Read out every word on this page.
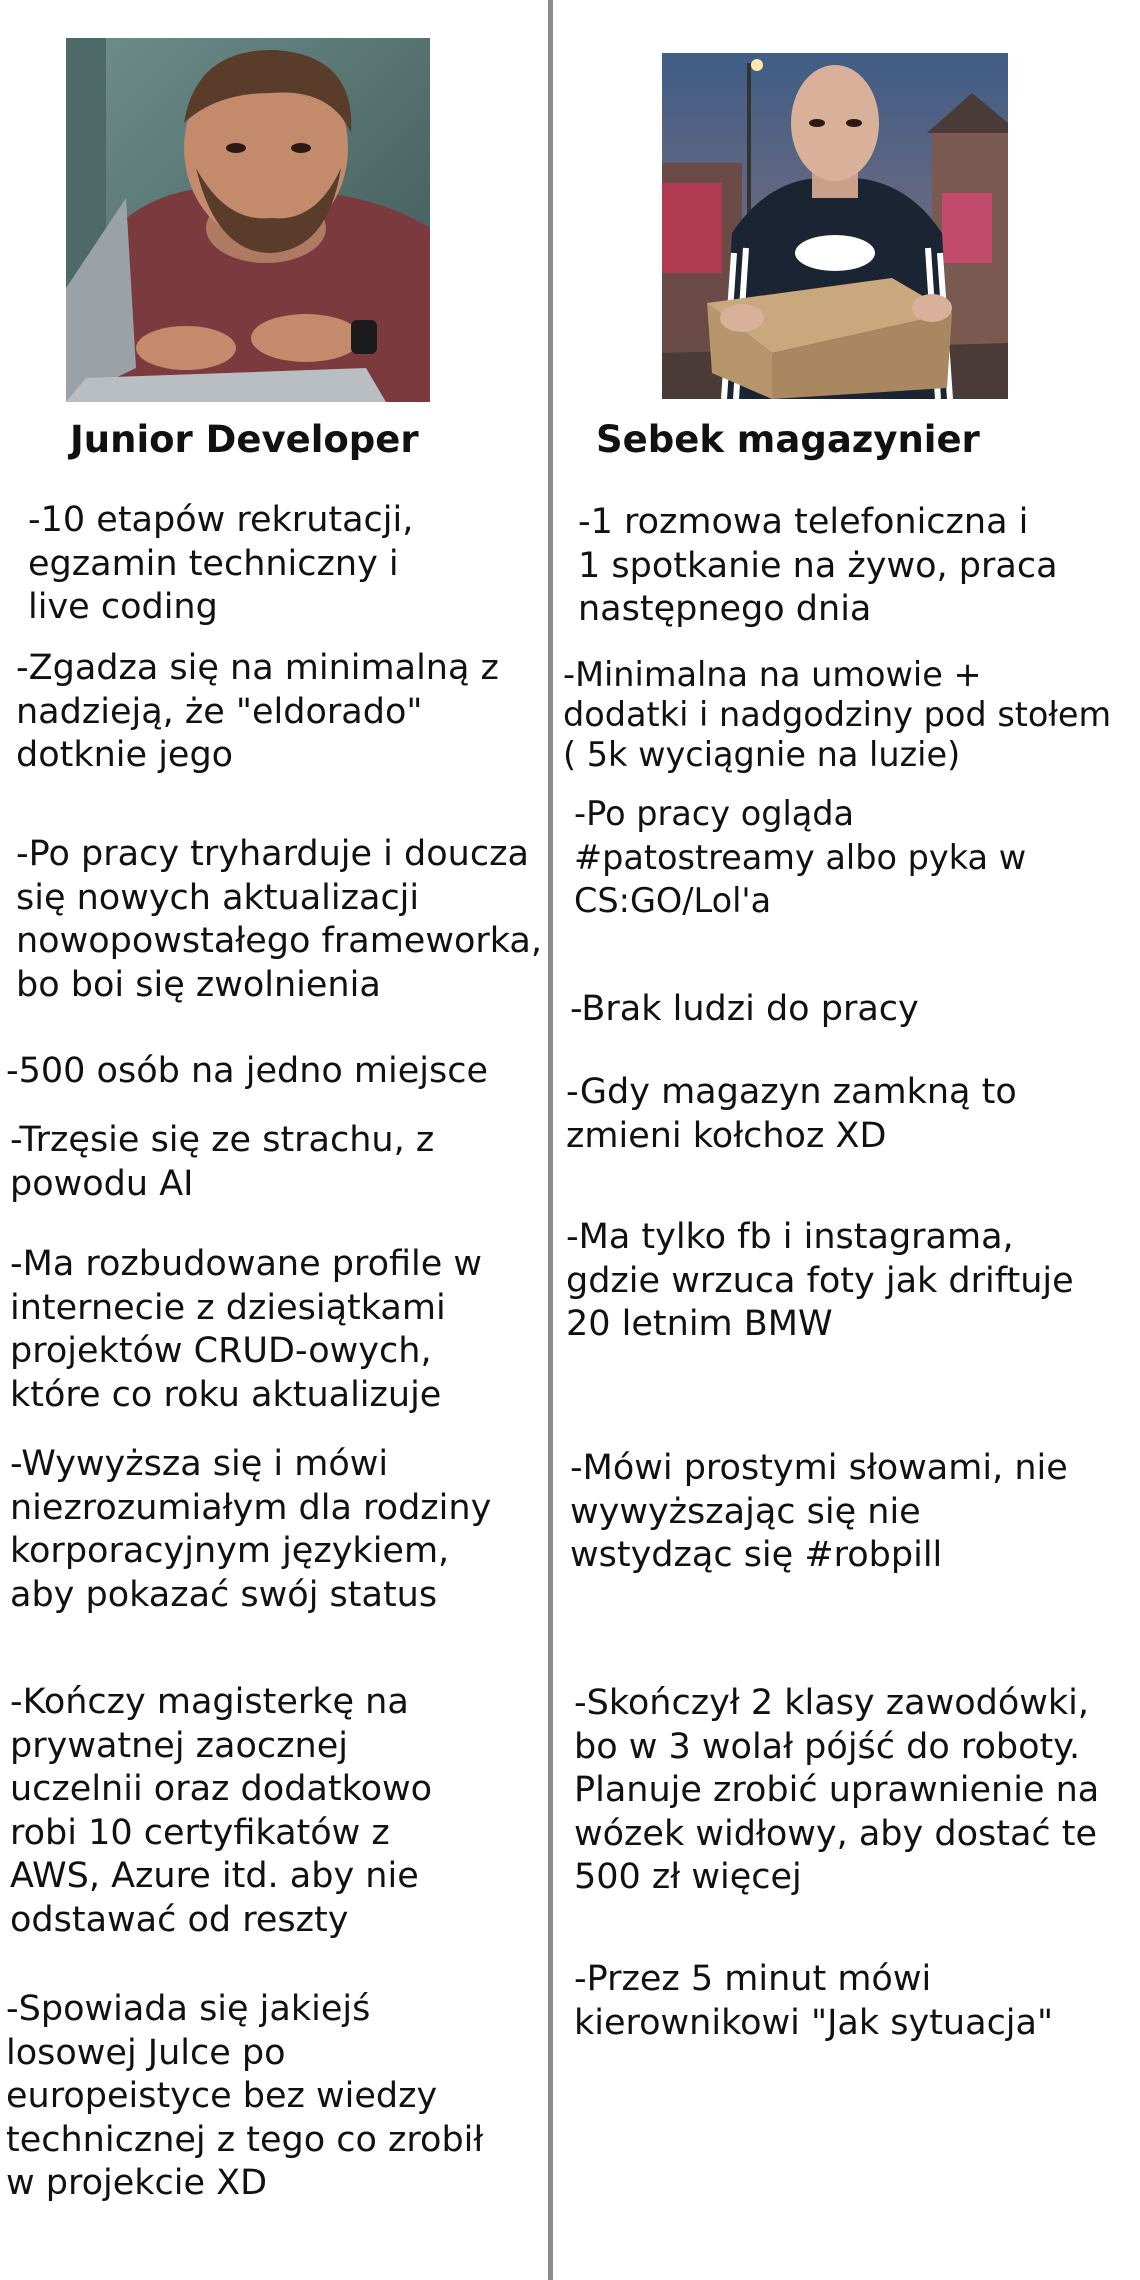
Junior Developer	Sebek magazynier

-10 etapów rekrutacji,
egzamin techniczny i
live coding

-Zgadza się na minimalną z
nadzieją, że "eldorado"
dotknie jego

-Po pracy tryharduje i doucza
się nowych aktualizacji
nowopowstałego frameworka,
bo boi się zwolnienia

-500 osób na jedno miejsce

-Trzęsie się ze strachu, z
powodu AI

-Ma rozbudowane profile w
internecie z dziesiątkami
projektów CRUD-owych,
które co roku aktualizuje

-Wywyższa się i mówi
niezrozumiałym dla rodziny
korporacyjnym językiem,
aby pokazać swój status

-Kończy magisterkę na
prywatnej zaocznej
uczelnii oraz dodatkowo
robi 10 certyfikatów z
AWS, Azure itd. aby nie
odstawać od reszty

-Spowiada się jakiejś
losowej Julce po
europeistyce bez wiedzy
technicznej z tego co zrobił
w projekcie XD

-1 rozmowa telefoniczna i
1 spotkanie na żywo, praca
następnego dnia

-Minimalna na umowie +
dodatki i nadgodziny pod stołem
( 5k wyciągnie na luzie)

-Po pracy ogląda
#patostreamy albo pyka w
CS:GO/Lol'a

-Brak ludzi do pracy

-Gdy magazyn zamkną to
zmieni kołchoz XD

-Ma tylko fb i instagrama,
gdzie wrzuca foty jak driftuje
20 letnim BMW

-Mówi prostymi słowami, nie
wywyższając się nie
wstydząc się #robpill

-Skończył 2 klasy zawodówki,
bo w 3 wolał pójść do roboty.
Planuje zrobić uprawnienie na
wózek widłowy, aby dostać te
500 zł więcej

-Przez 5 minut mówi
kierownikowi "Jak sytuacja"
